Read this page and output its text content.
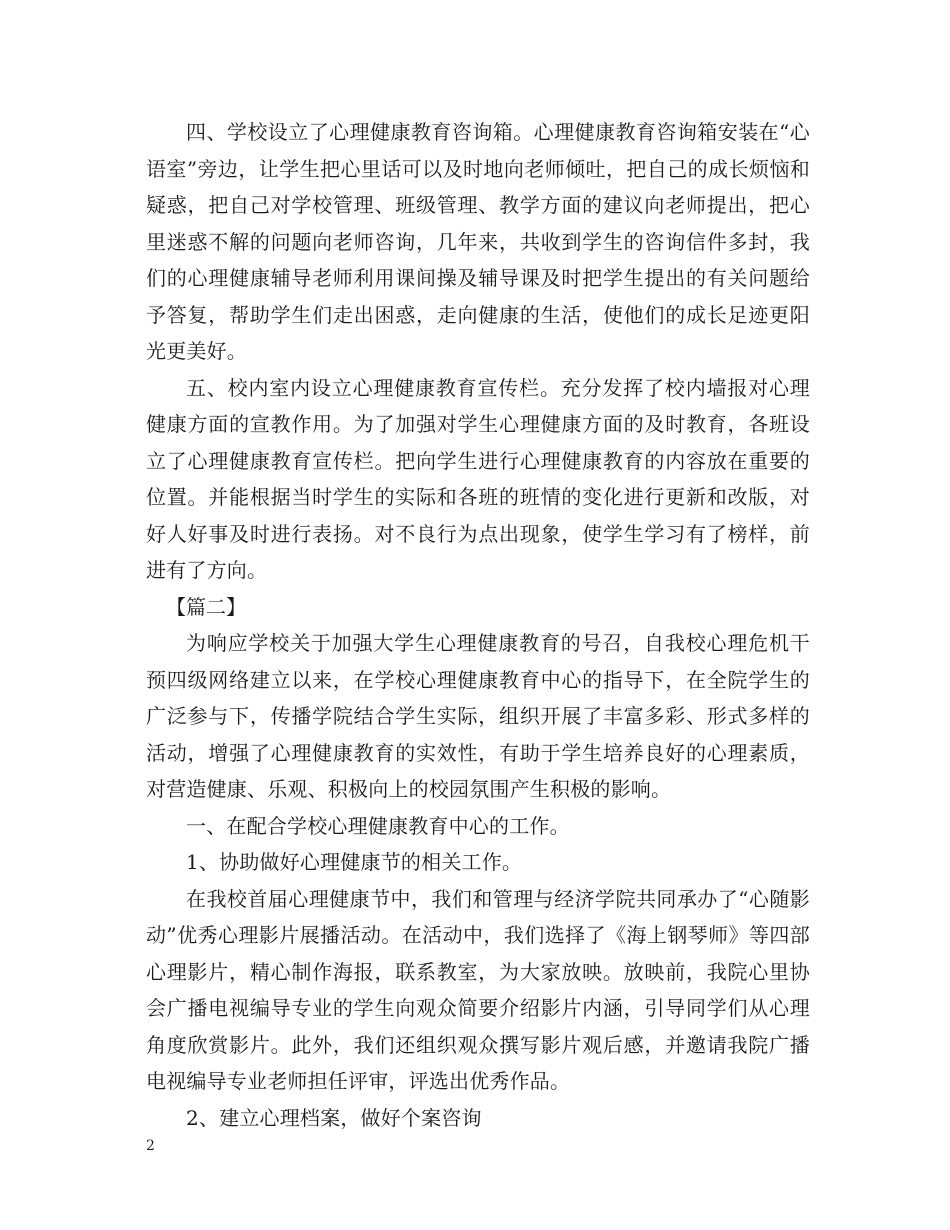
四、学校设立了心理健康教育咨询箱。心理健康教育咨询箱安装在“心语室”旁边，让学生把心里话可以及时地向老师倾吐，把自己的成长烦恼和疑惑，把自己对学校管理、班级管理、教学方面的建议向老师提出，把心里迷惑不解的问题向老师咨询，几年来，共收到学生的咨询信件多封，我们的心理健康辅导老师利用课间操及辅导课及时把学生提出的有关问题给予答复，帮助学生们走出困惑，走向健康的生活，使他们的成长足迹更阳光更美好。

五、校内室内设立心理健康教育宣传栏。充分发挥了校内墙报对心理健康方面的宣教作用。为了加强对学生心理健康方面的及时教育，各班设立了心理健康教育宣传栏。把向学生进行心理健康教育的内容放在重要的位置。并能根据当时学生的实际和各班的班情的变化进行更新和改版，对好人好事及时进行表扬。对不良行为点出现象，使学生学习有了榜样，前进有了方向。

【篇二】

为响应学校关于加强大学生心理健康教育的号召，自我校心理危机干预四级网络建立以来，在学校心理健康教育中心的指导下，在全院学生的广泛参与下，传播学院结合学生实际，组织开展了丰富多彩、形式多样的活动，增强了心理健康教育的实效性，有助于学生培养良好的心理素质，对营造健康、乐观、积极向上的校园氛围产生积极的影响。

一、在配合学校心理健康教育中心的工作。

1、协助做好心理健康节的相关工作。

在我校首届心理健康节中，我们和管理与经济学院共同承办了“心随影动”优秀心理影片展播活动。在活动中，我们选择了《海上钢琴师》等四部心理影片，精心制作海报，联系教室，为大家放映。放映前，我院心里协会广播电视编导专业的学生向观众简要介绍影片内涵，引导同学们从心理角度欣赏影片。此外，我们还组织观众撰写影片观后感，并邀请我院广播电视编导专业老师担任评审，评选出优秀作品。

2、建立心理档案，做好个案咨询

2
